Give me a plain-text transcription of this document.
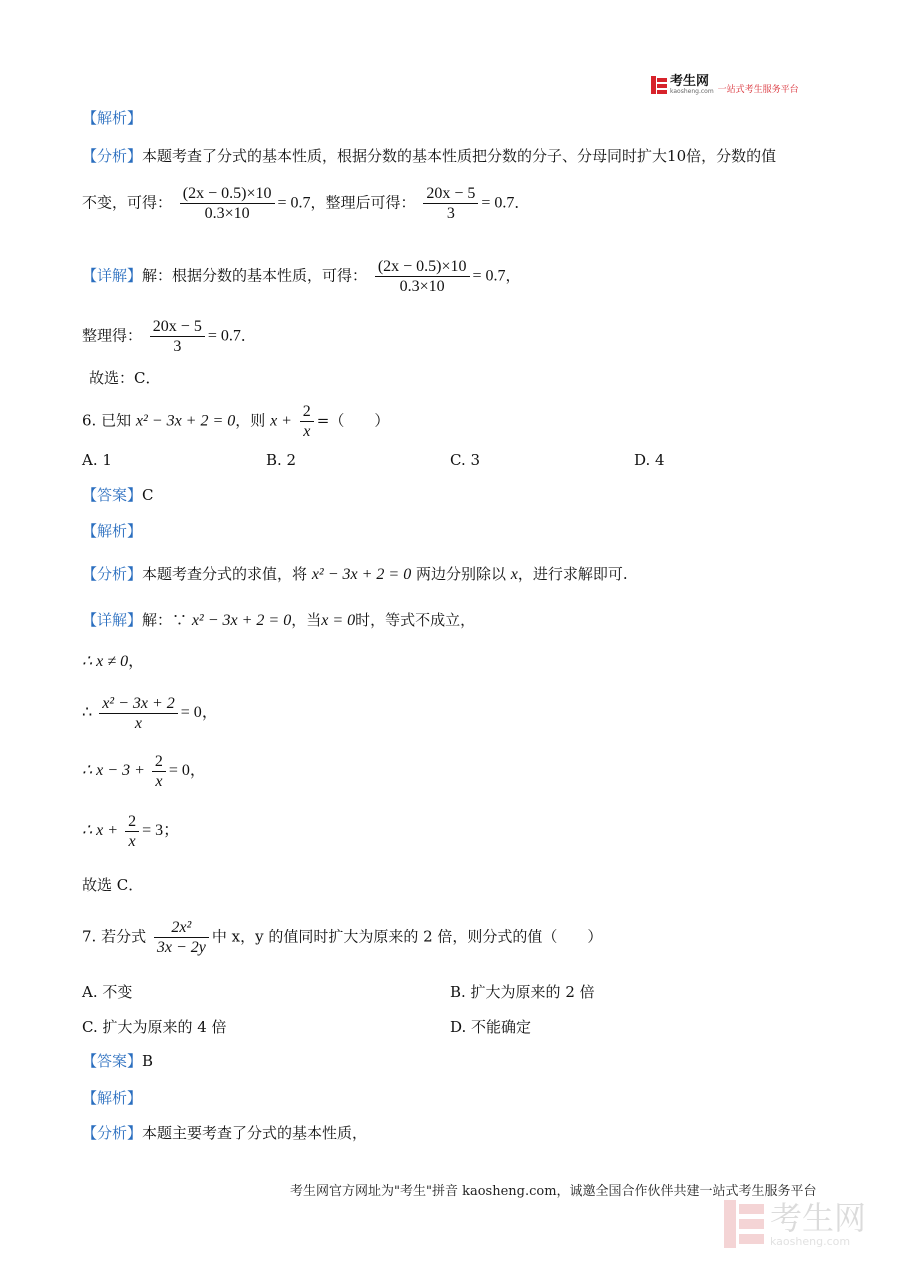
考生网
kaosheng.com 一站式考生服务平台
【解析】
【分析】本题考查了分式的基本性质，根据分数的基本性质把分数的分子、分母同时扩大10倍，分数的值
不变，可得： $\frac{(2x - 0.5)\times 10}{0.3\times 10} = 0.7$，整理后可得： $\frac{20x - 5}{3} = 0.7$．
【详解】解：根据分数的基本性质，可得： $\frac{(2x - 0.5)\times 10}{0.3\times 10} = 0.7$，
整理得： $\frac{20x - 5}{3} = 0.7$．
故选：C．
6. 已知 x² − 3x + 2 = 0，则 $x + \frac{2}{x}$ =（　　）
A. 1	B. 2	C. 3	D. 4
【答案】C
【解析】
【分析】本题考查分式的求值，将 x² − 3x + 2 = 0 两边分别除以 x，进行求解即可.
【详解】解：∵ x² − 3x + 2 = 0，当x = 0时，等式不成立，
∴ x ≠ 0，
∴ $\frac{\text{x² − 3x + 2}}{x} = 0$，
∴ $x - 3 + \frac{2}{x} = 0$，
∴ $x + \frac{2}{x} = 3$；
故选 C．
7. 若分式 $\frac{\text{2x²}}{3x - 2y}$ 中 x，y 的值同时扩大为原来的 2 倍，则分式的值（　　）
A. 不变	B. 扩大为原来的 2 倍
C. 扩大为原来的 4 倍	D. 不能确定
【答案】B
【解析】
【分析】本题主要考查了分式的基本性质，
考生网官方网址为"考生"拼音 kaosheng.com，诚邀全国合作伙伴共建一站式考生服务平台
考生网
kaosheng.com
